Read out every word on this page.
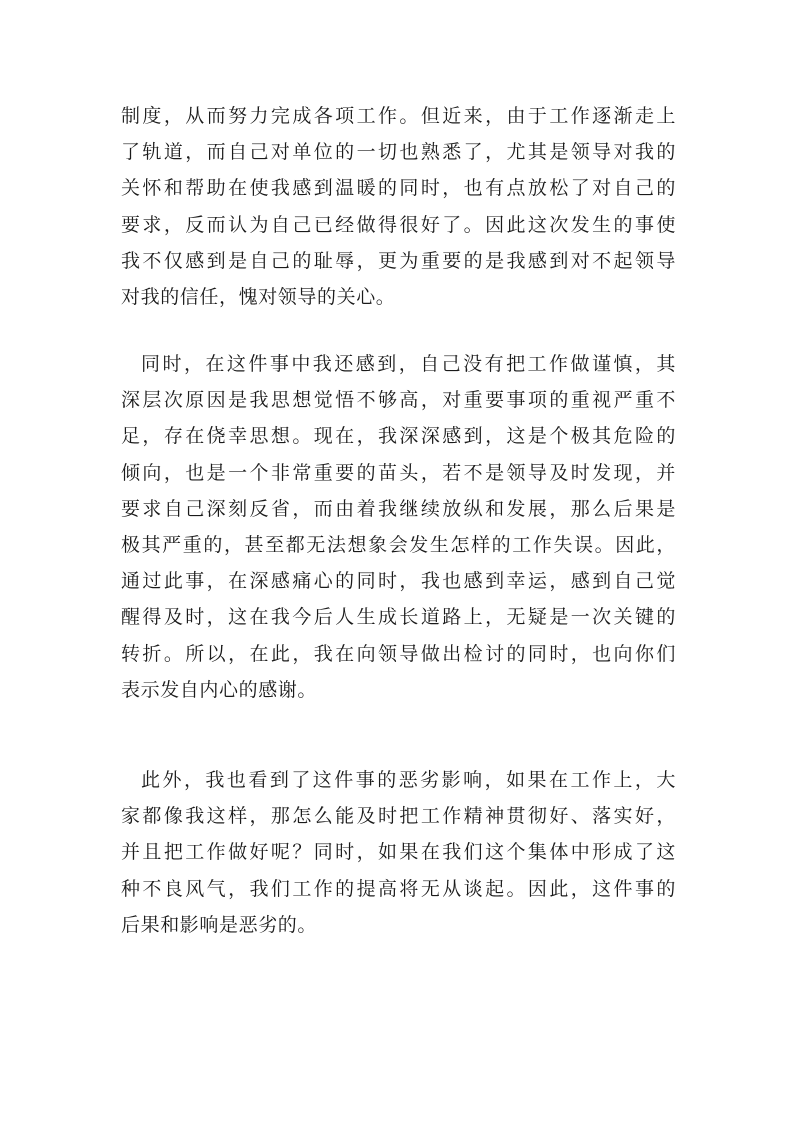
制度，从而努力完成各项工作。但近来，由于工作逐渐走上
了轨道，而自己对单位的一切也熟悉了，尤其是领导对我的
关怀和帮助在使我感到温暖的同时，也有点放松了对自己的
要求，反而认为自己已经做得很好了。因此这次发生的事使
我不仅感到是自己的耻辱，更为重要的是我感到对不起领导
对我的信任，愧对领导的关心。
同时，在这件事中我还感到，自己没有把工作做谨慎，其
深层次原因是我思想觉悟不够高，对重要事项的重视严重不
足，存在侥幸思想。现在，我深深感到，这是个极其危险的
倾向，也是一个非常重要的苗头，若不是领导及时发现，并
要求自己深刻反省，而由着我继续放纵和发展，那么后果是
极其严重的，甚至都无法想象会发生怎样的工作失误。因此，
通过此事，在深感痛心的同时，我也感到幸运，感到自己觉
醒得及时，这在我今后人生成长道路上，无疑是一次关键的
转折。所以，在此，我在向领导做出检讨的同时，也向你们
表示发自内心的感谢。
此外，我也看到了这件事的恶劣影响，如果在工作上，大
家都像我这样，那怎么能及时把工作精神贯彻好、落实好，
并且把工作做好呢？同时，如果在我们这个集体中形成了这
种不良风气，我们工作的提高将无从谈起。因此，这件事的
后果和影响是恶劣的。
